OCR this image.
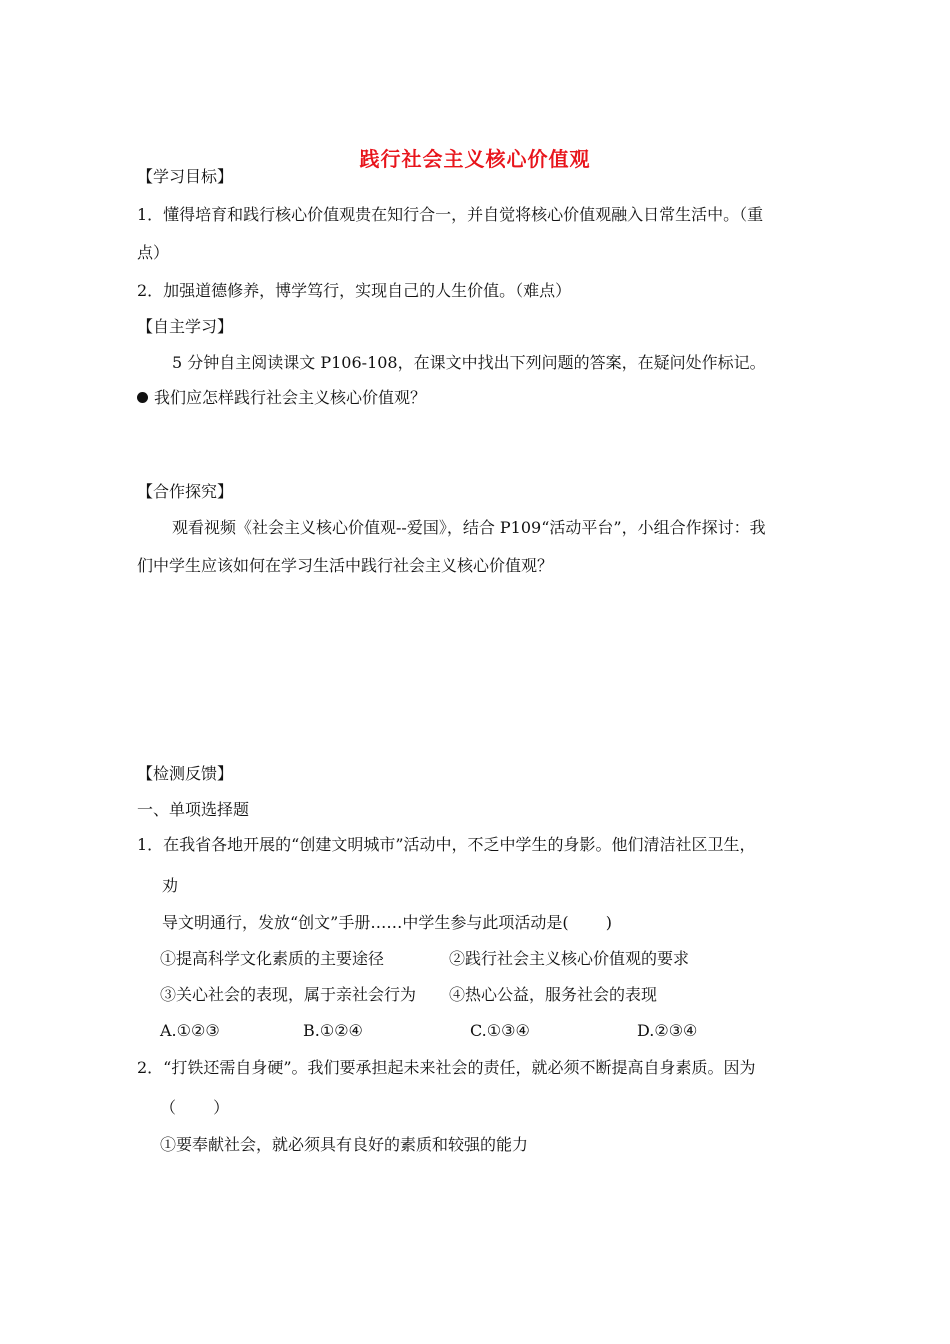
践行社会主义核心价值观
【学习目标】
1．懂得培育和践行核心价值观贵在知行合一，并自觉将核心价值观融入日常生活中。（重
点）
2．加强道德修养，博学笃行，实现自己的人生价值。（难点）
【自主学习】
5 分钟自主阅读课文 P106-108，在课文中找出下列问题的答案，在疑问处作标记。
我们应怎样践行社会主义核心价值观？
【合作探究】
观看视频《社会主义核心价值观--爱国》，结合 P109“活动平台”，小组合作探讨：我
们中学生应该如何在学习生活中践行社会主义核心价值观？
【检测反馈】
一、单项选择题
1．在我省各地开展的“创建文明城市”活动中，不乏中学生的身影。他们清洁社区卫生，
劝
导文明通行，发放“创文”手册……中学生参与此项活动是(　　 )
①提高科学文化素质的主要途径	②践行社会主义核心价值观的要求
③关心社会的表现，属于亲社会行为 ④热心公益，服务社会的表现
A.①②③	B.①②④	C.①③④	D.②③④
2．“打铁还需自身硬”。我们要承担起未来社会的责任，就必须不断提高自身素质。因为
（　　 ）
①要奉献社会，就必须具有良好的素质和较强的能力
